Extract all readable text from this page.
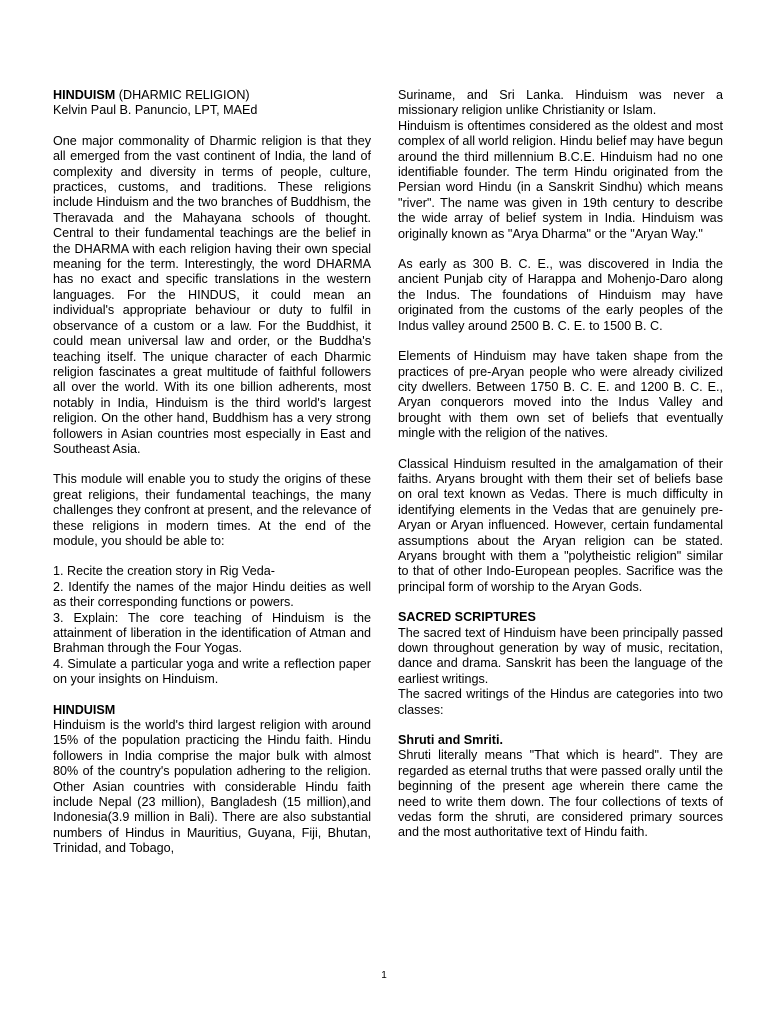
HINDUISM (DHARMIC RELIGION)

Kelvin Paul B. Panuncio, LPT, MAEd

One major commonality of Dharmic religion is that they all emerged from the vast continent of India, the land of complexity and diversity in terms of people, culture, practices, customs, and traditions. These religions include Hinduism and the two branches of Buddhism, the Theravada and the Mahayana schools of thought. Central to their fundamental teachings are the belief in the DHARMA with each religion having their own special meaning for the term. Interestingly, the word DHARMA has no exact and specific translations in the western languages. For the HINDUS, it could mean an individual's appropriate behaviour or duty to fulfil in observance of a custom or a law. For the Buddhist, it could mean universal law and order, or the Buddha's teaching itself. The unique character of each Dharmic religion fascinates a great multitude of faithful followers all over the world. With its one billion adherents, most notably in India, Hinduism is the third world's largest religion. On the other hand, Buddhism has a very strong followers in Asian countries most especially in East and Southeast Asia.

This module will enable you to study the origins of these great religions, their fundamental teachings, the many challenges they confront at present, and the relevance of these religions in modern times. At the end of the module, you should be able to:

1. Recite the creation story in Rig Veda-

2. Identify the names of the major Hindu deities as well as their corresponding functions or powers.

3. Explain: The core teaching of Hinduism is the attainment of liberation in the identification of Atman and Brahman through the Four Yogas.

4. Simulate a particular yoga and write a reflection paper on your insights on Hinduism.

HINDUISM

Hinduism is the world's third largest religion with around 15% of the population practicing the Hindu faith. Hindu followers in India comprise the major bulk with almost 80% of the country's population adhering to the religion. Other Asian countries with considerable Hindu faith include Nepal (23 million), Bangladesh (15 million),and Indonesia(3.9 million in Bali). There are also substantial numbers of Hindus in Mauritius, Guyana, Fiji, Bhutan, Trinidad, and Tobago,

Suriname, and Sri Lanka. Hinduism was never a missionary religion unlike Christianity or Islam.

Hinduism is oftentimes considered as the oldest and most complex of all world religion. Hindu belief may have begun around the third millennium B.C.E. Hinduism had no one identifiable founder. The term Hindu originated from the Persian word Hindu (in a Sanskrit Sindhu) which means "river". The name was given in 19th century to describe the wide array of belief system in India. Hinduism was originally known as "Arya Dharma" or the "Aryan Way."

As early as 300 B. C. E., was discovered in India the ancient Punjab city of Harappa and Mohenjo-Daro along the Indus. The foundations of Hinduism may have originated from the customs of the early peoples of the Indus valley around 2500 B. C. E. to 1500 B. C.

Elements of Hinduism may have taken shape from the practices of pre-Aryan people who were already civilized city dwellers. Between 1750 B. C. E. and 1200 B. C. E., Aryan conquerors moved into the Indus Valley and brought with them own set of beliefs that eventually mingle with the religion of the natives.

Classical Hinduism resulted in the amalgamation of their faiths. Aryans brought with them their set of beliefs base on oral text known as Vedas. There is much difficulty in identifying elements in the Vedas that are genuinely pre-Aryan or Aryan influenced. However, certain fundamental assumptions about the Aryan religion can be stated. Aryans brought with them a "polytheistic religion" similar to that of other Indo-European peoples. Sacrifice was the principal form of worship to the Aryan Gods.

SACRED SCRIPTURES

The sacred text of Hinduism have been principally passed down throughout generation by way of music, recitation, dance and drama. Sanskrit has been the language of the earliest writings.

The sacred writings of the Hindus are categories into two classes:

Shruti and Smriti.

Shruti literally means "That which is heard". They are regarded as eternal truths that were passed orally until the beginning of the present age wherein there came the need to write them down. The four collections of texts of vedas form the shruti, are considered primary sources and the most authoritative text of Hindu faith.

1
